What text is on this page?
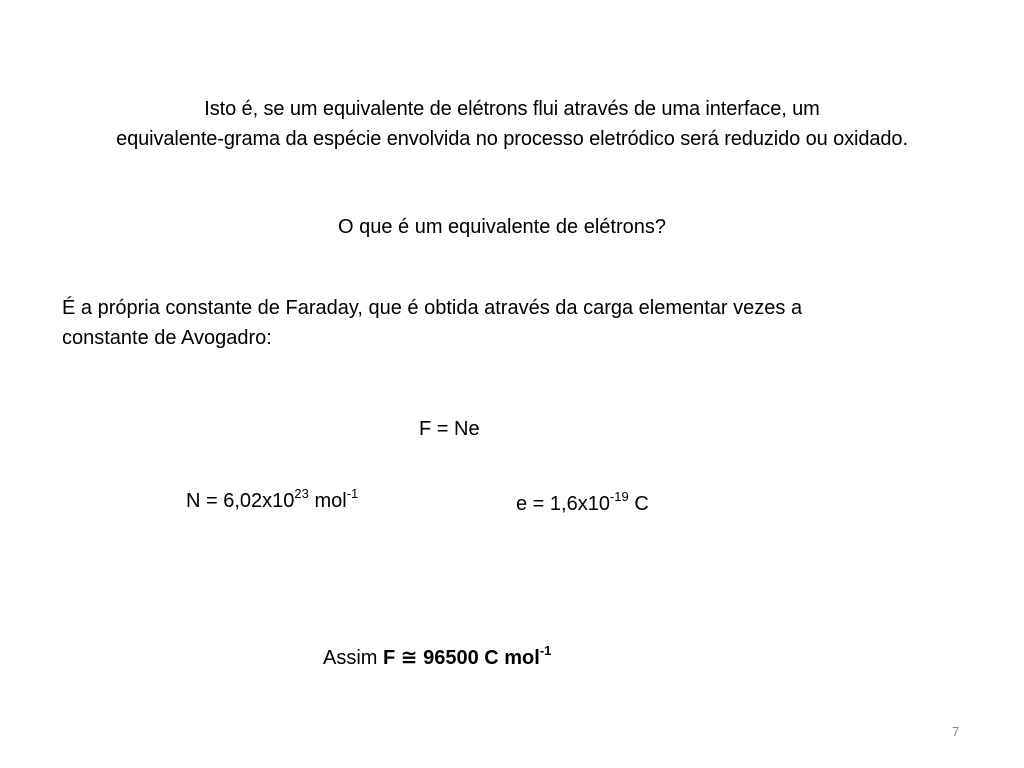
Isto é, se um equivalente de elétrons flui através de uma interface, um
equivalente-grama da espécie envolvida no processo eletródico será reduzido ou oxidado.
O que é um equivalente de elétrons?
É a própria constante de Faraday, que é obtida através da carga elementar vezes a
constante de Avogadro:
F = Ne
$N = 6,02x10^{23}$ mol$^{-1}$	$e = 1,6x10^{-19}$ C
Assim F ≅ 96500 C mol$^{-1}$
7
